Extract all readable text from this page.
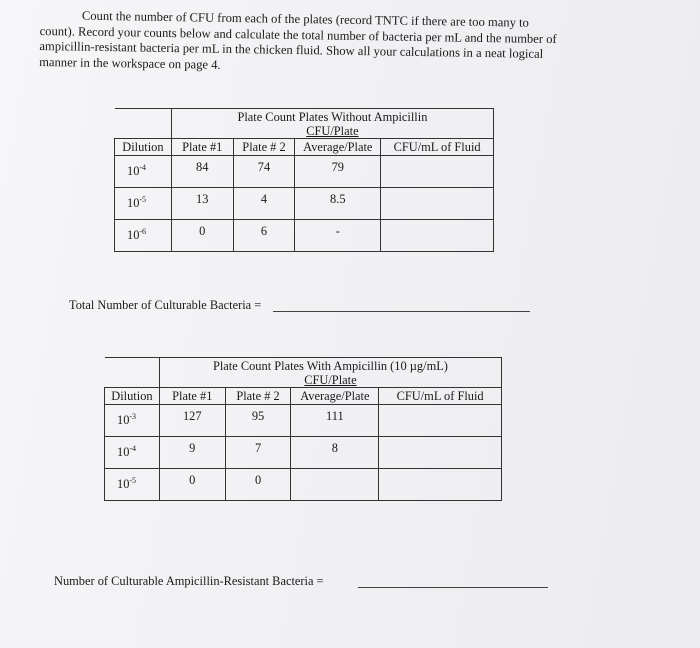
Count the number of CFU from each of the plates (record TNTC if there are too many to count). Record your counts below and calculate the total number of bacteria per mL and the number of ampicillin-resistant bacteria per mL in the chicken fluid. Show all your calculations in a neat logical manner in the workspace on page 4.

	Plate Count Plates Without Ampicillin
CFU/Plate			

Dilution	Plate #1	Plate # 2	Average/Plate	CFU/mL of Fluid

$10^{-4}$	84	74	79	

$10^{-5}$	13	4	8.5	

$10^{-6}$	0	6	-	

Total Number of Culturable Bacteria =

	Plate Count Plates With Ampicillin (10 µg/mL)
CFU/Plate			

Dilution	Plate #1	Plate # 2	Average/Plate	CFU/mL of Fluid

$10^{-3}$	127	95	111	

$10^{-4}$	9	7	8	

$10^{-5}$	0	0		

Number of Culturable Ampicillin-Resistant Bacteria =
